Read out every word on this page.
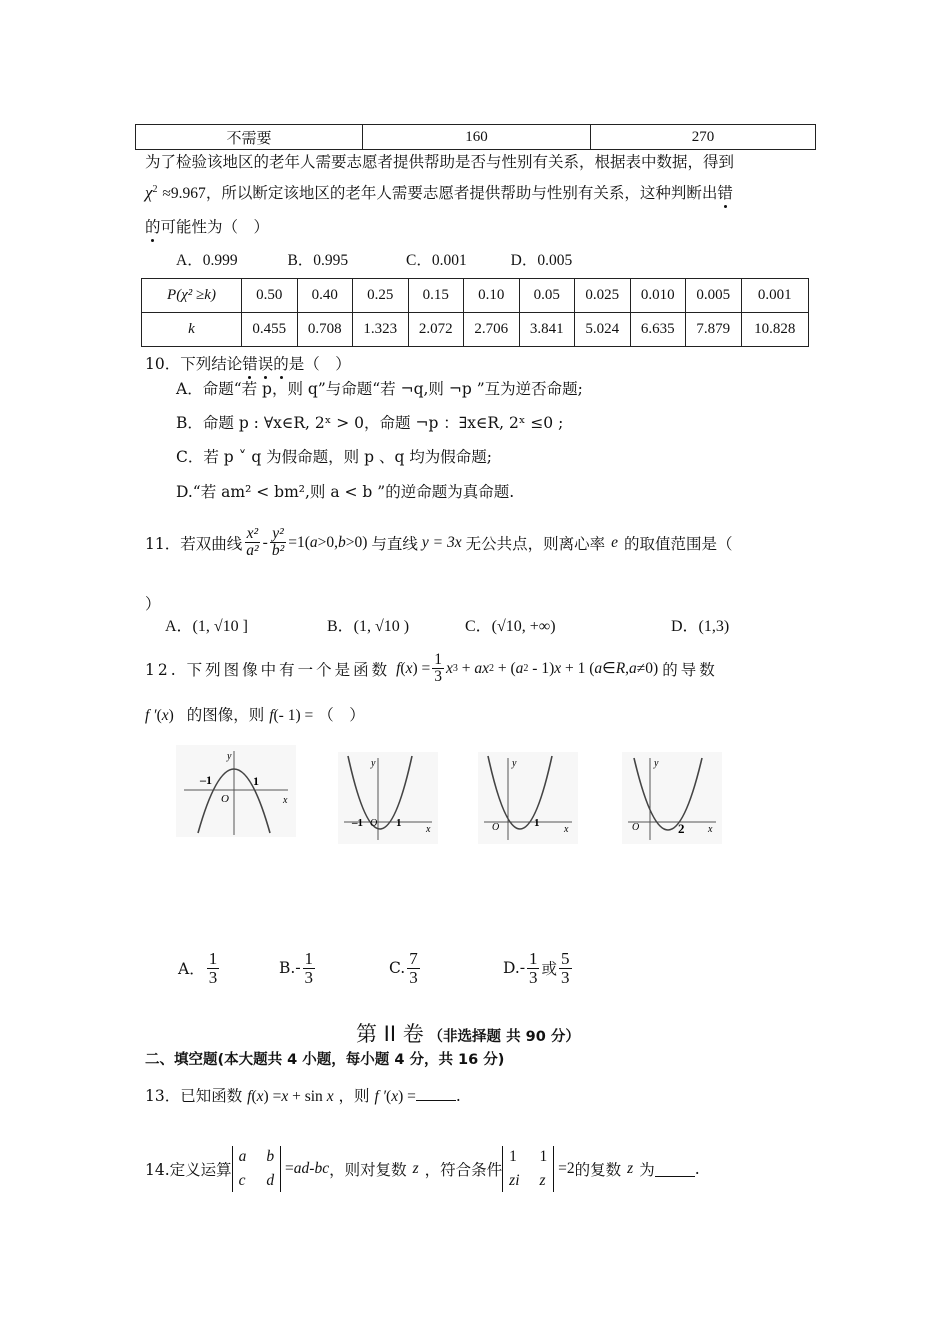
不需要	160	270
为了检验该地区的老年人需要志愿者提供帮助是否与性别有关系，根据表中数据，得到
$\chi^2 \approx 9.967$，所以断定该地区的老年人需要志愿者提供帮助与性别有关系，这种判断出错
的可能性为（　）
A．0.999	B．0.995	C．0.001	D．0.005
P(χ² ≥k)	0.50	0.40	0.25	0.15	0.10	0.05	0.025	0.010	0.005	0.001
k	0.455	0.708	1.323	2.072	2.706	3.841	5.024	6.635	7.879	10.828
10．下列结论错误的是（　）
A．命题“若 p，则 q”与命题“若 ¬q,则 ¬p ”互为逆否命题;
B．命题 p : ∀x∈R, 2ˣ > 0，命题 ¬p ：∃x∈R, 2ˣ ≤0 ;
C．若 p ˅ q 为假命题，则 p 、q 均为假命题;
D.“若 am² < bm²,则 a < b ”的逆命题为真命题.
11．若双曲线 $\frac{\text{x²}}{\text{a²}} - \frac{\text{y²}}{\text{b²}} =1$( a >0, b >0) 与直线 y = 3x 无公共点，则离心率 e 的取值范围是（
）
A．(1, √10 ]	B．(1, √10 )	C．(√10, +∞)	D．(1,3)
12. 下列图像中有一个是函数 f ( x ) = $\frac{1}{3}$ x 3 + ax 2 + ( a 2 - 1) x + 1 ( a ∈ R , a ≠0) 的导数
f ′(x) 的图像，则 f(- 1) = （　）
–1	1
O	x
y
–1	1
O
x
y
O	1
x
y
O	2 x
y
A． $\frac{1}{3}$	B. - $\frac{1}{3}$	C. $\frac{7}{3}$	D. - $\frac{1}{3}$ 或 $\frac{5}{3}$
第 II 卷 （非选择题 共 90 分）
二、填空题(本大题共 4 小题，每小题 4 分，共 16 分)
13．已知函数 f(x) =x + sin x ，则 f ′(x) =	.
14.定义运算
a b
c d
= ad - bc ，则对复数 z ，符合条件
1 1
zi z
=2 的复数 z 为	.
